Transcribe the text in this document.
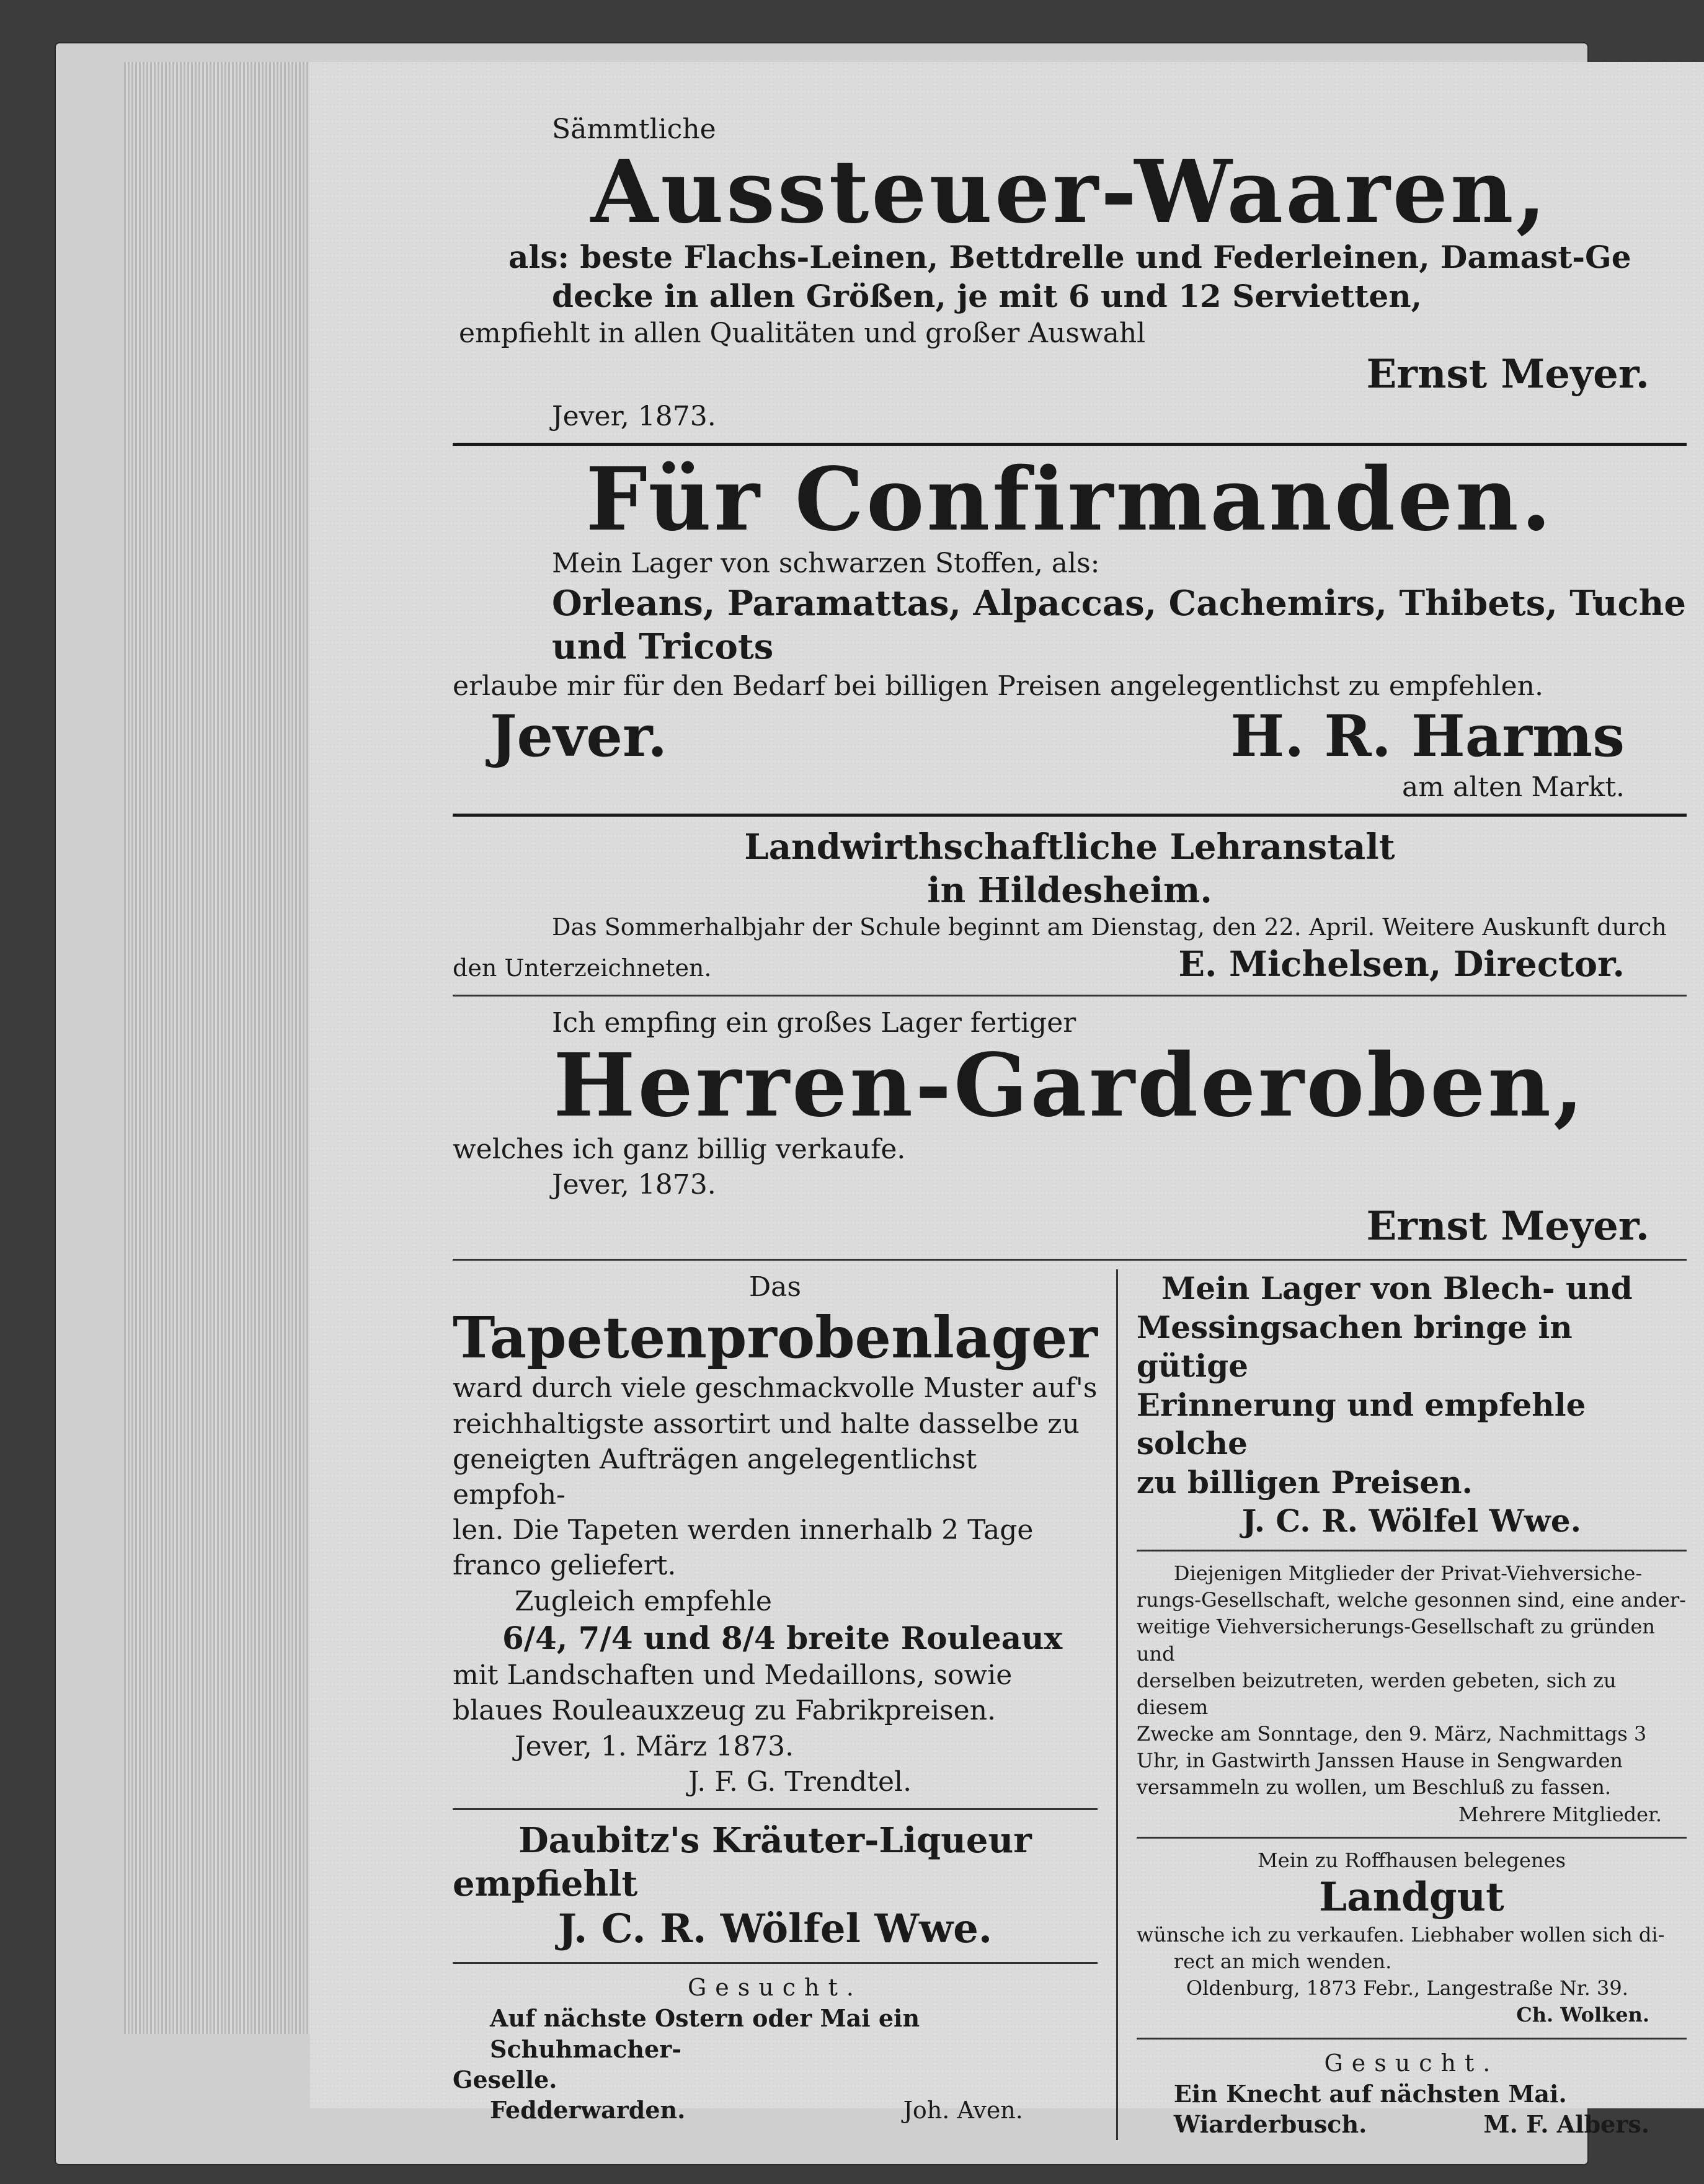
Sämmtliche
Aussteuer-Waaren,
als: beste Flachs-Leinen, Bettdrelle und Federleinen, Damast-Ge
decke in allen Größen, je mit 6 und 12 Servietten,
empfiehlt in allen Qualitäten und großer Auswahl
Ernst Meyer.
Jever, 1873.
Für Confirmanden.
Mein Lager von schwarzen Stoffen, als:
Orleans, Paramattas, Alpaccas, Cachemirs, Thibets, Tuche
und Tricots
erlaube mir für den Bedarf bei billigen Preisen angelegentlichst zu empfehlen.
Jever.	H. R. Harms
am alten Markt.
Landwirthschaftliche Lehranstalt
in Hildesheim.
Das Sommerhalbjahr der Schule beginnt am Dienstag, den 22. April. Weitere Auskunft durch
den Unterzeichneten.	E. Michelsen, Director.
Ich empfing ein großes Lager fertiger
Herren-Garderoben,
welches ich ganz billig verkaufe.
Jever, 1873.
Ernst Meyer.
Das
Tapetenprobenlager
ward durch viele geschmackvolle Muster auf's
reichhaltigste assortirt und halte dasselbe zu
geneigten Aufträgen angelegentlichst empfoh-
len. Die Tapeten werden innerhalb 2 Tage
franco geliefert.
Zugleich empfehle
6/4, 7/4 und 8/4 breite Rouleaux
mit Landschaften und Medaillons, sowie
blaues Rouleauxzeug zu Fabrikpreisen.
Jever, 1. März 1873.
J. F. G. Trendtel.
Daubitz's Kräuter-Liqueur
empfiehlt
J. C. R. Wölfel Wwe.
Gesucht.
Auf nächste Ostern oder Mai ein Schuhmacher-
Geselle.
Fedderwarden.	Joh. Aven.
Mein Lager von Blech- und
Messingsachen bringe in gütige
Erinnerung und empfehle solche
zu billigen Preisen.
J. C. R. Wölfel Wwe.
Diejenigen Mitglieder der Privat-Viehversiche-
rungs-Gesellschaft, welche gesonnen sind, eine ander-
weitige Viehversicherungs-Gesellschaft zu gründen und
derselben beizutreten, werden gebeten, sich zu diesem
Zwecke am Sonntage, den 9. März, Nachmittags 3
Uhr, in Gastwirth Janssen Hause in Sengwarden
versammeln zu wollen, um Beschluß zu fassen.
Mehrere Mitglieder.
Mein zu Roffhausen belegenes
Landgut
wünsche ich zu verkaufen. Liebhaber wollen sich di-
rect an mich wenden.
Oldenburg, 1873 Febr., Langestraße Nr. 39.
Ch. Wolken.
Gesucht.
Ein Knecht auf nächsten Mai.
Wiarderbusch.	M. F. Albers.
